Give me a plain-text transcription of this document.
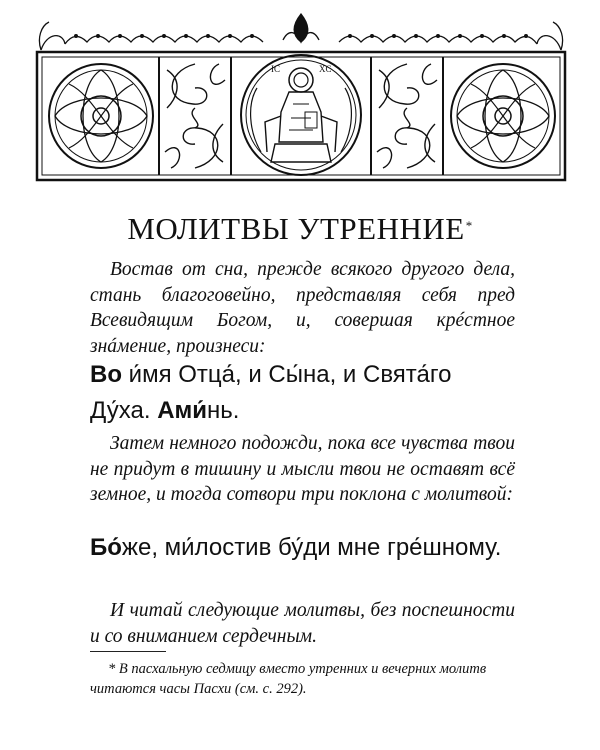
IC	XC
МОЛИТВЫ УТРЕННИЕ*

Востав от сна, прежде всякого другого дела, стань благоговейно, представляя себя пред Всевидящим Богом, и, совершая крéстное знáмение, произнеси:

Во и́мя Отца́, и Сы́на, и Свята́го Ду́ха. Ами́нь.

Затем немного подожди, пока все чувства твои не придут в тишину и мысли твои не оставят всё земное, и тогда сотвори три поклона с молитвой:

Бо́же, ми́лостив бу́ди мне гре́шному.

И читай следующие молитвы, без поспешности и со вниманием сердечным.

* В пасхальную седмицу вместо утренних и вечерних молитв читаются часы Пасхи (см. с. 292).
